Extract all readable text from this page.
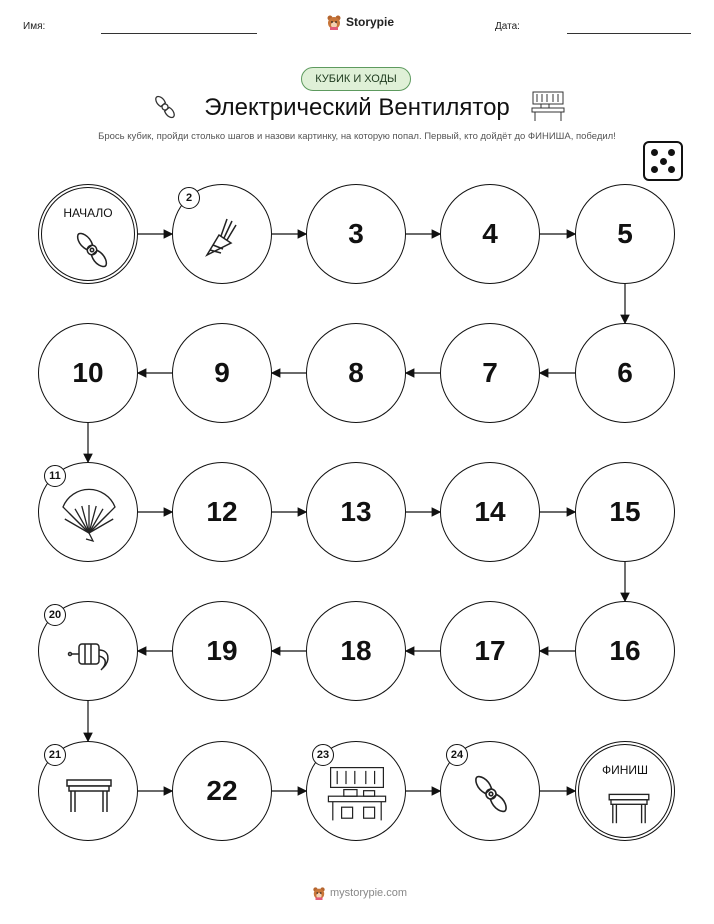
Имя:	Storypie	Дата:
КУБИК И ХОДЫ
Электрический Вентилятор
Брось кубик, пройди столько шагов и назови картинку, на которую попал. Первый, кто дойдёт до ФИНИША, победил!
НАЧАЛО
2
3	4	5
6
7
8
9
10
11
12	13	14	15
16
17
18
19
20
21
22
23	24
ФИНИШ
mystorypie.com
